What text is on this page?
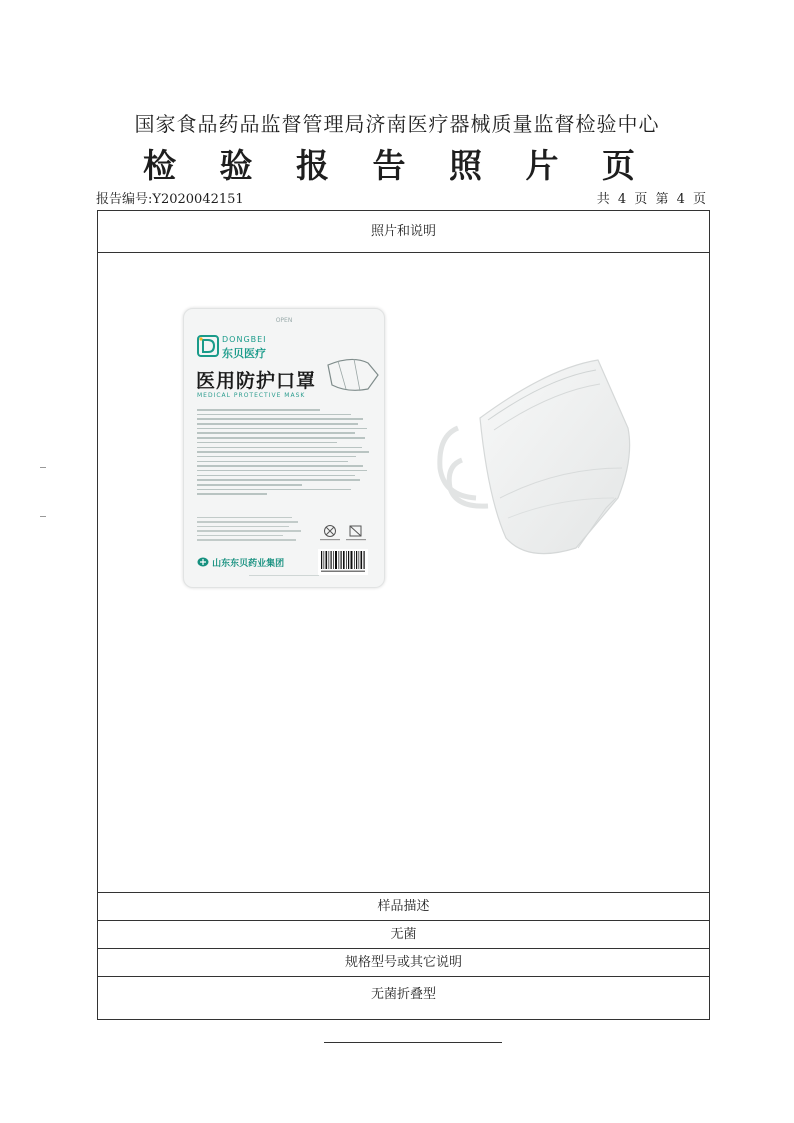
国家食品药品监督管理局济南医疗器械质量监督检验中心
检 验 报 告 照 片 页
报告编号:Y2020042151	共 4 页 第 4 页
照片和说明
OPEN
DONGBEI
东贝医疗
医用防护口罩
MEDICAL PROTECTIVE MASK
山东东贝药业集团
样品描述
无菌
规格型号或其它说明
无菌折叠型
